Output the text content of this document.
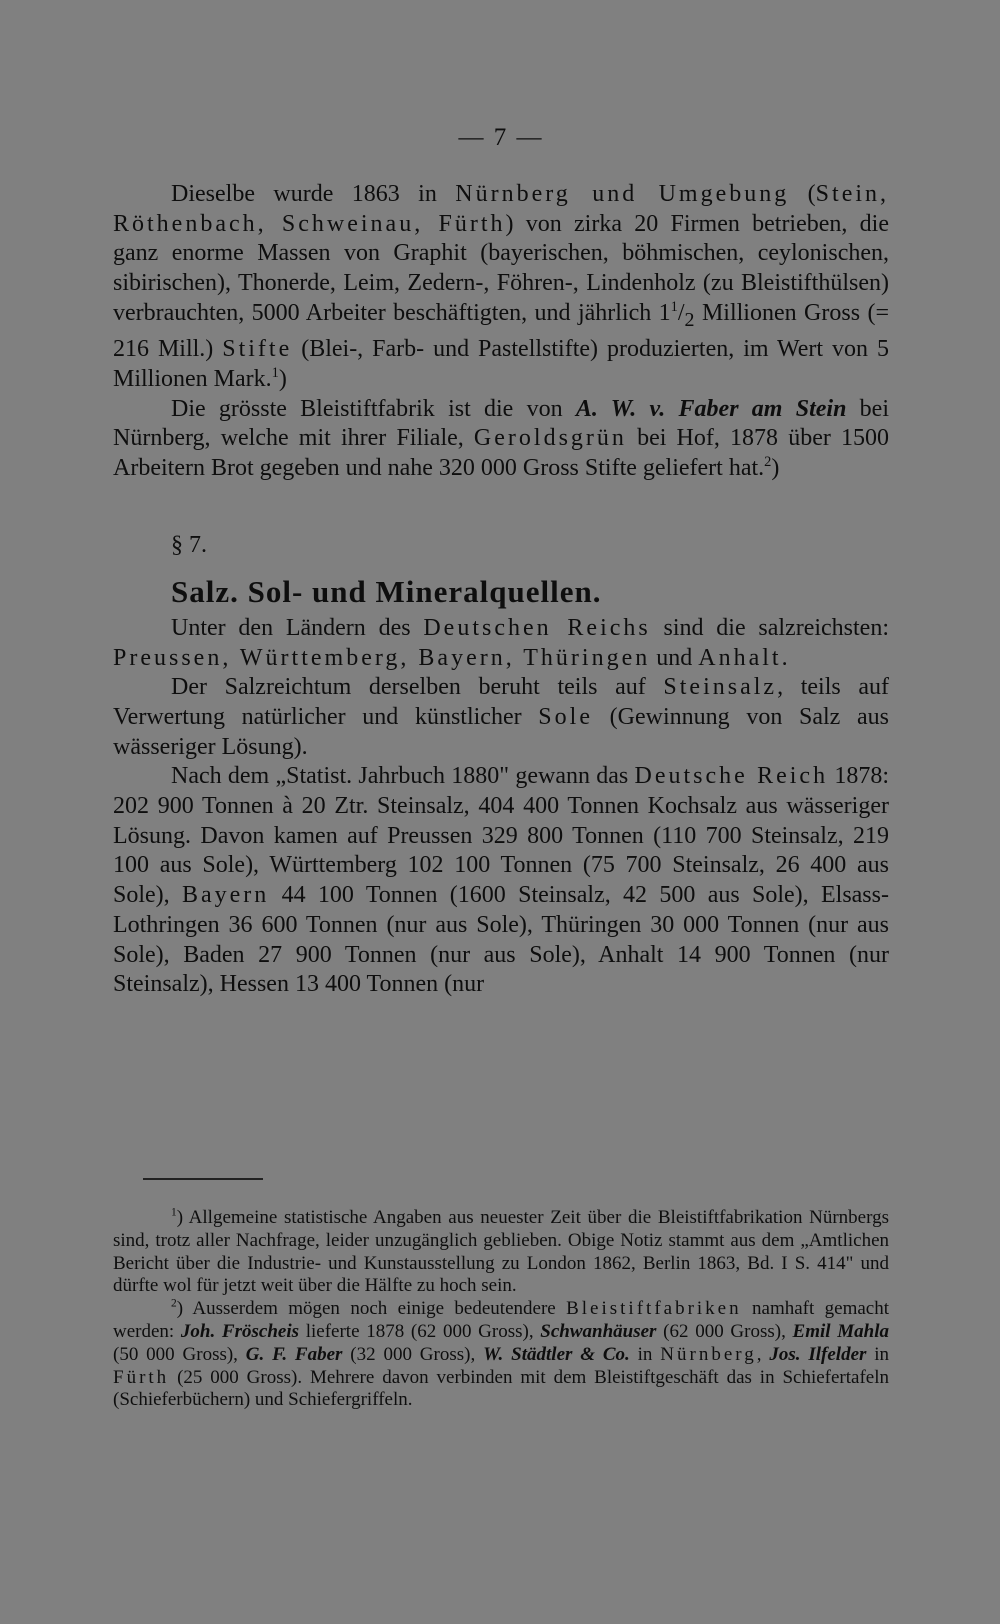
— 7 —

Dieselbe wurde 1863 in Nürnberg und Umgebung (Stein, Röthenbach, Schweinau, Fürth) von zirka 20 Firmen betrieben, die ganz enorme Massen von Graphit (bayerischen, böhmischen, ceylonischen, sibirischen), Thonerde, Leim, Zedern-, Föhren-, Lindenholz (zu Bleistifthülsen) verbrauchten, 5000 Arbeiter beschäftigten, und jährlich $1^1/_2$ Millionen Gross (= 216 Mill.) Stifte (Blei-, Farb- und Pastellstifte) produzierten, im Wert von 5 Millionen Mark.$^1$)

Die grösste Bleistiftfabrik ist die von A. W. v. Faber am Stein bei Nürnberg, welche mit ihrer Filiale, Geroldsgrün bei Hof, 1878 über 1500 Arbeitern Brot gegeben und nahe 320 000 Gross Stifte geliefert hat.$^2$)

§ 7.

Salz. Sol- und Mineralquellen.

Unter den Ländern des Deutschen Reichs sind die salzreichsten: Preussen, Württemberg, Bayern, Thüringen und Anhalt.

Der Salzreichtum derselben beruht teils auf Steinsalz, teils auf Verwertung natürlicher und künstlicher Sole (Gewinnung von Salz aus wässeriger Lösung).

Nach dem „Statist. Jahrbuch 1880" gewann das Deutsche Reich 1878: 202 900 Tonnen à 20 Ztr. Steinsalz, 404 400 Tonnen Kochsalz aus wässeriger Lösung. Davon kamen auf Preussen 329 800 Tonnen (110 700 Steinsalz, 219 100 aus Sole), Württemberg 102 100 Tonnen (75 700 Steinsalz, 26 400 aus Sole), Bayern 44 100 Tonnen (1600 Steinsalz, 42 500 aus Sole), Elsass-Lothringen 36 600 Tonnen (nur aus Sole), Thüringen 30 000 Tonnen (nur aus Sole), Baden 27 900 Tonnen (nur aus Sole), Anhalt 14 900 Tonnen (nur Steinsalz), Hessen 13 400 Tonnen (nur

$^1$) Allgemeine statistische Angaben aus neuester Zeit über die Bleistiftfabrikation Nürnbergs sind, trotz aller Nachfrage, leider unzugänglich geblieben. Obige Notiz stammt aus dem „Amtlichen Bericht über die Industrie- und Kunstausstellung zu London 1862, Berlin 1863, Bd. I S. 414" und dürfte wol für jetzt weit über die Hälfte zu hoch sein.

$^2$) Ausserdem mögen noch einige bedeutendere Bleistiftfabriken namhaft gemacht werden: Joh. Fröscheis lieferte 1878 (62 000 Gross), Schwanhäuser (62 000 Gross), Emil Mahla (50 000 Gross), G. F. Faber (32 000 Gross), W. Städtler & Co. in Nürnberg, Jos. Ilfelder in Fürth (25 000 Gross). Mehrere davon verbinden mit dem Bleistiftgeschäft das in Schiefertafeln (Schieferbüchern) und Schiefergriffeln.
